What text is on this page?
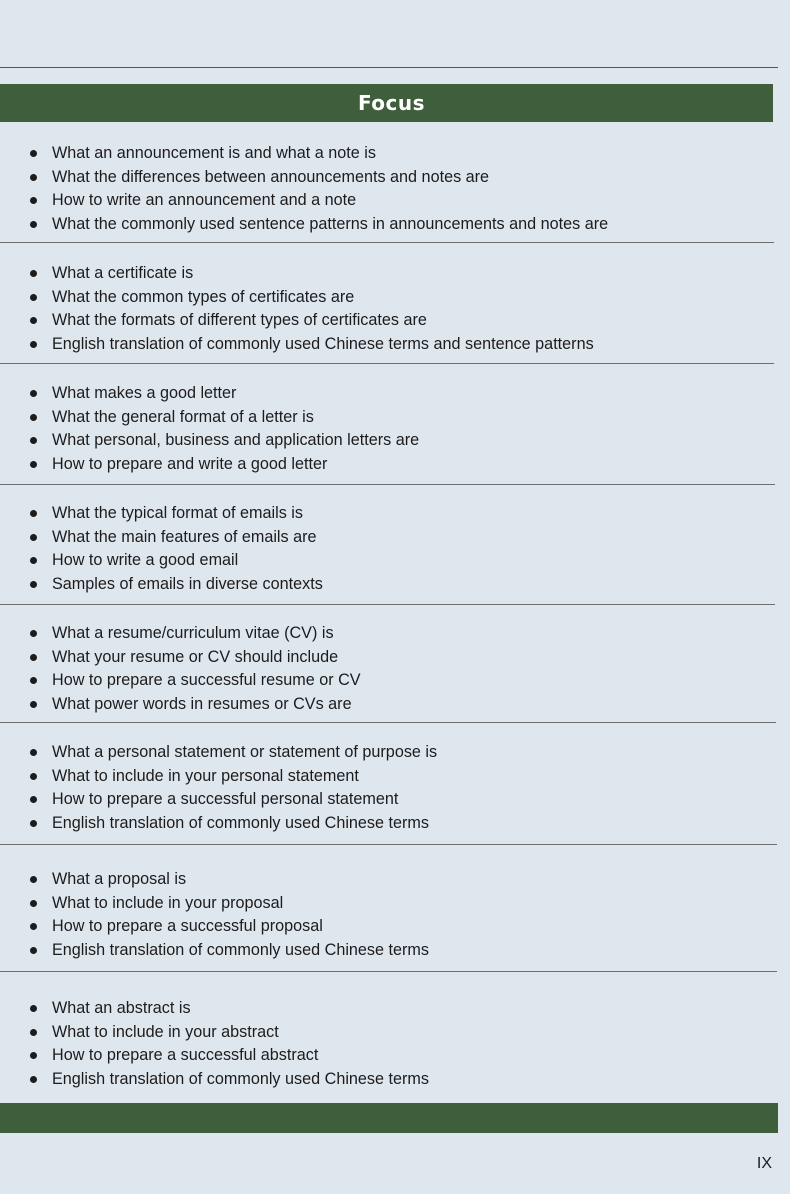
Focus
What an announcement is and what a note is
What the differences between announcements and notes are
How to write an announcement and a note
What the commonly used sentence patterns in announcements and notes are
What a certificate is
What the common types of certificates are
What the formats of different types of certificates are
English translation of commonly used Chinese terms and sentence patterns
What makes a good letter
What the general format of a letter is
What personal, business and application letters are
How to prepare and write a good letter
What the typical format of emails is
What the main features of emails are
How to write a good email
Samples of emails in diverse contexts
What a resume/curriculum vitae (CV) is
What your resume or CV should include
How to prepare a successful resume or CV
What power words in resumes or CVs are
What a personal statement or statement of purpose is
What to include in your personal statement
How to prepare a successful personal statement
English translation of commonly used Chinese terms
What a proposal is
What to include in your proposal
How to prepare a successful proposal
English translation of commonly used Chinese terms
What an abstract is
What to include in your abstract
How to prepare a successful abstract
English translation of commonly used Chinese terms
IX
